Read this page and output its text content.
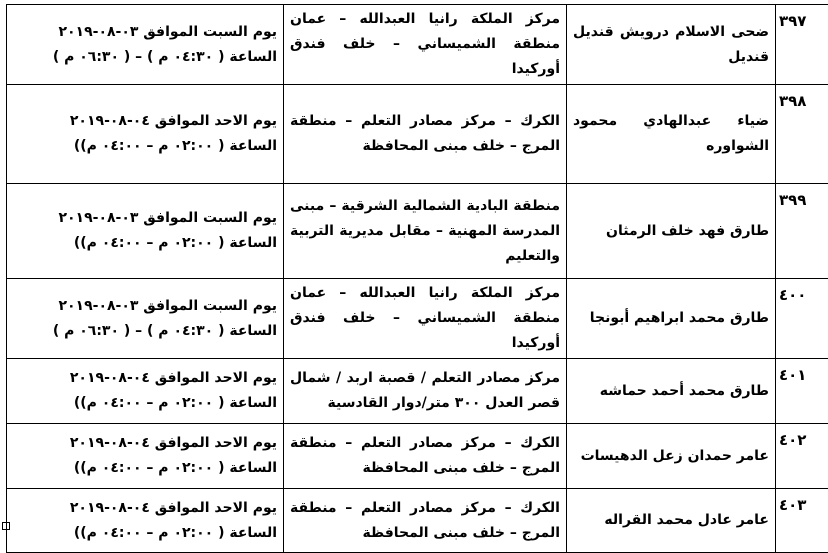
٣٩٧	ضحى الاسلام درويش قنديل قنديل	مركز الملكة رانيا العبدالله – عمان منطقة الشميساني – خلف فندق أوركيدا	يوم السبت الموافق ٠٣-٠٨-٢٠١٩
الساعة ( ٠٤:٣٠ م ) – ( ٠٦:٣٠ م )

٣٩٨	ضياء عبدالهادي محمود الشواوره	الكرك – مركز مصادر التعلم – منطقة المرج – خلف مبنى المحافظة	يوم الاحد الموافق ٠٤-٠٨-٢٠١٩
الساعة ( ٠٢:٠٠ م – ٠٤:٠٠ م))

٣٩٩	طارق فهد خلف الرمثان	منطقة البادية الشمالية الشرقية – مبنى المدرسة المهنية – مقابل مديرية التربية والتعليم	يوم السبت الموافق ٠٣-٠٨-٢٠١٩
الساعة ( ٠٢:٠٠ م – ٠٤:٠٠ م))

٤٠٠	طارق محمد ابراهيم أبونجا	مركز الملكة رانيا العبدالله – عمان منطقة الشميساني – خلف فندق أوركيدا	يوم السبت الموافق ٠٣-٠٨-٢٠١٩
الساعة ( ٠٤:٣٠ م ) – ( ٠٦:٣٠ م )

٤٠١	طارق محمد أحمد حماشه	مركز مصادر التعلم / قصبة اربد / شمال قصر العدل ٣٠٠ متر/دوار القادسية	يوم الاحد الموافق ٠٤-٠٨-٢٠١٩
الساعة ( ٠٢:٠٠ م – ٠٤:٠٠ م))

٤٠٢	عامر حمدان زعل الدهيسات	الكرك – مركز مصادر التعلم – منطقة المرج – خلف مبنى المحافظة	يوم الاحد الموافق ٠٤-٠٨-٢٠١٩
الساعة ( ٠٢:٠٠ م – ٠٤:٠٠ م))

٤٠٣	عامر عادل محمد القراله	الكرك – مركز مصادر التعلم – منطقة المرج – خلف مبنى المحافظة	يوم الاحد الموافق ٠٤-٠٨-٢٠١٩
الساعة ( ٠٢:٠٠ م – ٠٤:٠٠ م))
